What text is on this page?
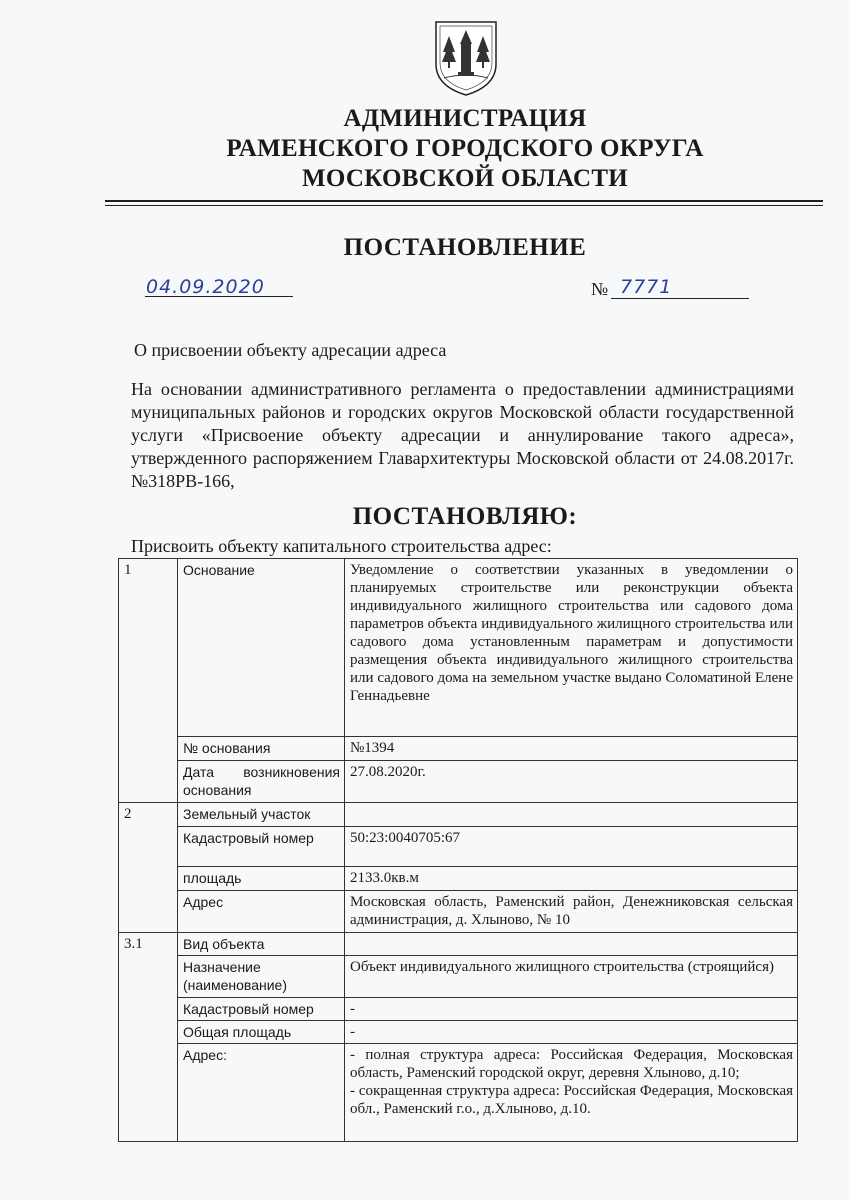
АДМИНИСТРАЦИЯ
РАМЕНСКОГО ГОРОДСКОГО ОКРУГА
МОСКОВСКОЙ ОБЛАСТИ
ПОСТАНОВЛЕНИЕ
04.09.2020	№ 7771
О присвоении объекту адресации адреса
На основании административного регламента о предоставлении администрациями муниципальных районов и городских округов Московской области государственной услуги «Присвоение объекту адресации и аннулирование такого адреса», утвержденного распоряжением Главархитектуры Московской области от 24.08.2017г. №318РВ-166,
ПОСТАНОВЛЯЮ:
Присвоить объекту капитального строительства адрес:
1	Основание	Уведомление о соответствии указанных в уведомлении о планируемых строительстве или реконструкции объекта индивидуального жилищного строительства или садового дома параметров объекта индивидуального жилищного строительства или садового дома установленным параметрам и допустимости размещения объекта индивидуального жилищного строительства или садового дома на земельном участке выдано Соломатиной Елене Геннадьевне
	№ основания	№1394
	Дата возникновения основания	27.08.2020г.
2	Земельный участок	
	Кадастровый номер	50:23:0040705:67
	площадь	2133.0кв.м
	Адрес	Московская область, Раменский район, Денежниковская сельская администрация, д. Хлыново, № 10
3.1	Вид объекта	
	Назначение (наименование)	Объект индивидуального жилищного строительства (строящийся)
	Кадастровый номер	-
	Общая площадь	-
	Адрес:	- полная структура адреса: Российская Федерация, Московская область, Раменский городской округ, деревня Хлыново, д.10;
- сокращенная структура адреса: Российская Федерация, Московская обл., Раменский г.о., д.Хлыново, д.10.
